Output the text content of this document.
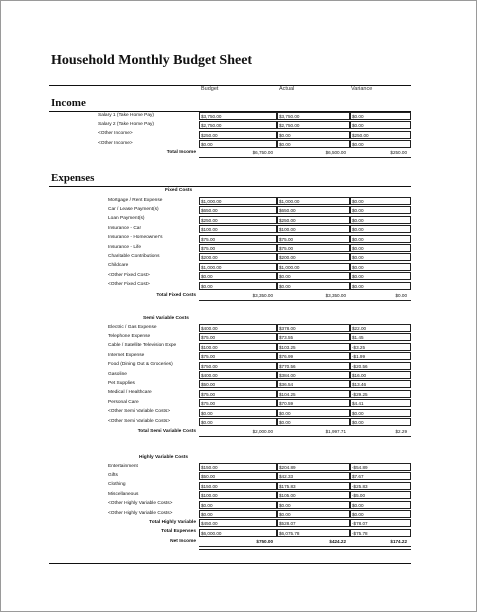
Household Monthly Budget Sheet
Budget	Actual	Variance
Income
Salary 1 (Take Home Pay)	$3,750.00	$3,750.00	$0.00
Salary 2 (Take Home Pay)	$2,750.00	$2,750.00	$0.00
<Other Income>	$250.00	$0.00	$250.00
<Other Income>	$0.00	$0.00	$0.00
Total Income	$6,750.00	$6,500.00	$250.00
Expenses
Fixed Costs
Mortgage / Rent Expense	$1,000.00	$1,000.00	$0.00
Car / Lease Payment(s)	$650.00	$650.00	$0.00
Loan Payment(s)	$250.00	$250.00	$0.00
Insurance - Car	$100.00	$100.00	$0.00
Insurance - Homeowner's	$75.00	$75.00	$0.00
Insurance - Life	$75.00	$75.00	$0.00
Charitable Contributions	$200.00	$200.00	$0.00
Childcare	$1,000.00	$1,000.00	$0.00
<Other Fixed Cost>	$0.00	$0.00	$0.00
<Other Fixed Cost>	$0.00	$0.00	$0.00
Total Fixed Costs	$3,350.00	$3,350.00	$0.00
Semi Variable Costs
Electric / Gas Expense	$400.00	$378.00	$22.00
Telephone Expense	$75.00	$73.55	$1.45
Cable / Satellite Television Expe	$100.00	$103.25	-$3.25
Internet Expense	$75.00	$76.99	-$1.99
Food (Dining Out & Groceries)	$750.00	$770.56	-$20.56
Gasoline	$400.00	$384.00	$16.00
Pet Supplies	$50.00	$36.54	$13.46
Medical / Healthcare	$75.00	$104.25	-$29.25
Personal Care	$75.00	$70.59	$4.41
<Other Semi Variable Costs>	$0.00	$0.00	$0.00
<Other Semi Variable Costs>	$0.00	$0.00	$0.00
Total Semi Variable Costs	$2,000.00	$1,997.71	$2.29
Highly Variable Costs
Entertainment	$150.00	$204.89	-$54.89
Gifts	$50.00	$42.33	$7.67
Clothing	$150.00	$175.83	-$25.83
Miscellaneous	$100.00	$105.00	-$5.00
<Other Highly Variable Costs>	$0.00	$0.00	$0.00
<Other Highly Variable Costs>	$0.00	$0.00	$0.00
Total Highly Variable	$450.00	$528.07	-$78.07
Total Expenses	$6,000.00	$6,075.78	-$75.78
Net Income	$750.00	$424.22	$174.22
